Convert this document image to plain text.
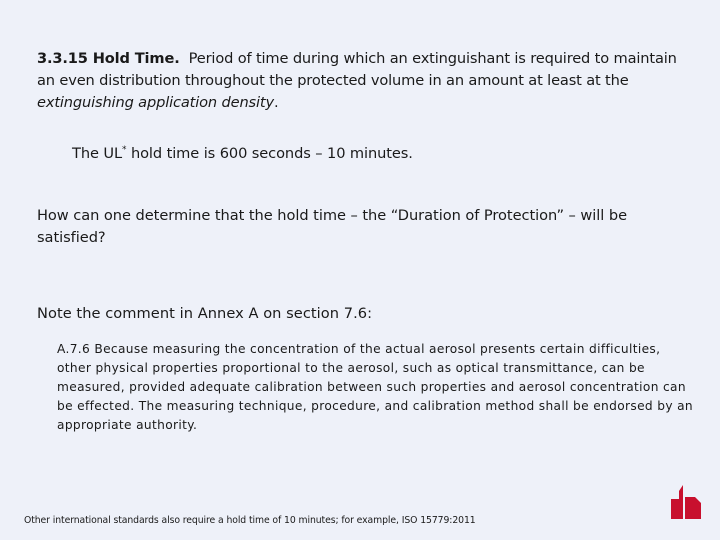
3.3.15 Hold Time. Period of time during which an extinguishant is required to maintain an even distribution throughout the protected volume in an amount at least at the extinguishing application density.

The UL* hold time is 600 seconds – 10 minutes.

How can one determine that the hold time – the “Duration of Protection” – will be satisfied?

Note the comment in Annex A on section 7.6:

A.7.6 Because measuring the concentration of the actual aerosol presents certain difficulties, other physical properties proportional to the aerosol, such as optical transmittance, can be measured, provided adequate calibration between such properties and aerosol concentration can be effected. The measuring technique, procedure, and calibration method shall be endorsed by an appropriate authority.

Other international standards also require a hold time of 10 minutes; for example, ISO 15779:2011
